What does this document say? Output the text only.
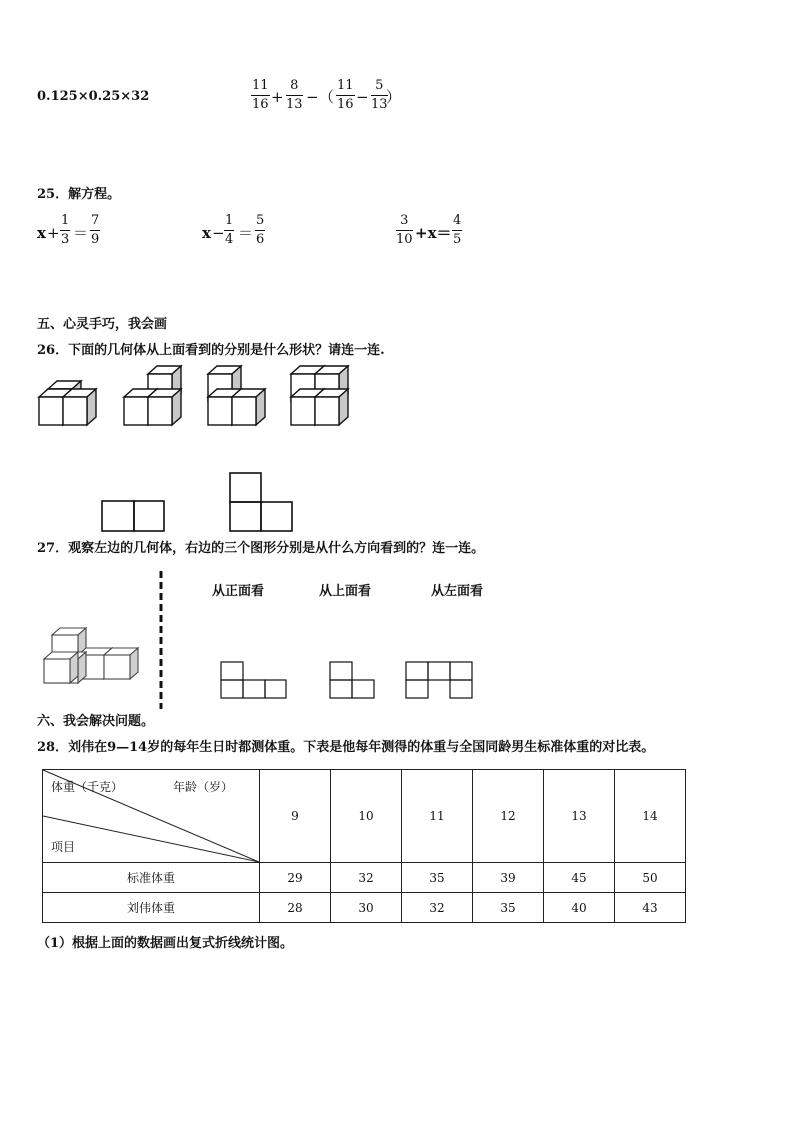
0.125×0.25×32
11
16 +
8
13 − （
11
16 −
5
13
）
25．解方程。
x +
1
3 ＝
7
9	x −
1
4 ＝
5
6
3
10 +x＝
4
5
五、心灵手巧，我会画
26．下面的几何体从上面看到的分别是什么形状？请连一连.
27．观察左边的几何体，右边的三个图形分别是从什么方向看到的？连一连。
从正面看	从上面看	从左面看
六、我会解决问题。
28．刘伟在9—14岁的每年生日时都测体重。下表是他每年测得的体重与全国同龄男生标准体重的对比表。
体重（千克） 年龄（岁）
项目	9	10	11	12	13	14
标准体重	29	32	35	39	45	50
刘伟体重	28	30	32	35	40	43
（1）根据上面的数据画出复式折线统计图。
